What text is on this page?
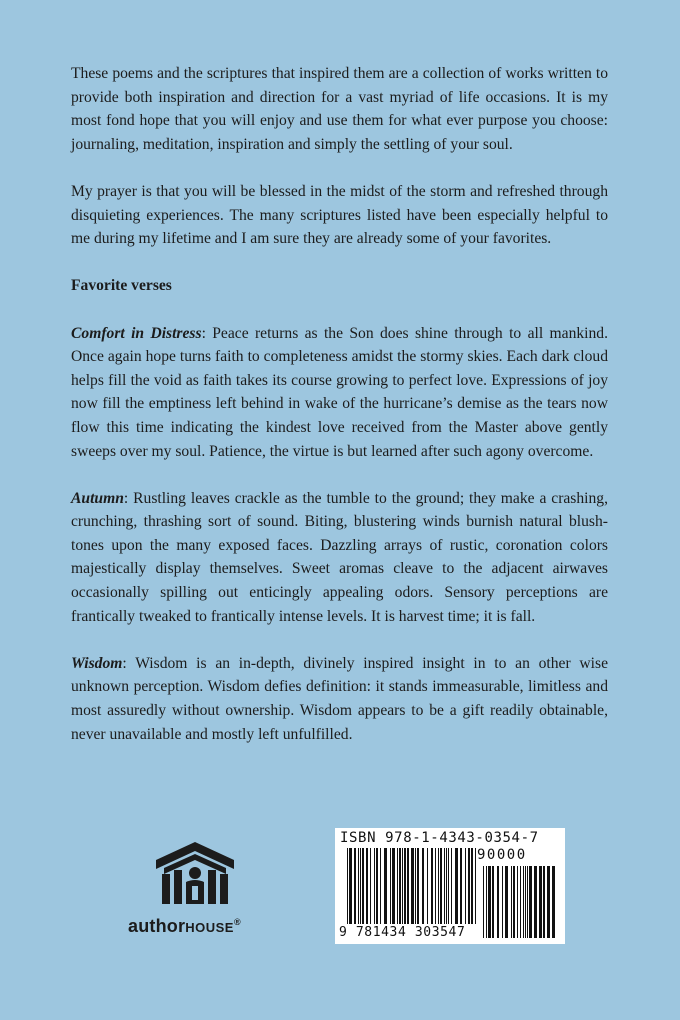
These poems and the scriptures that inspired them are a collection of works written to provide both inspiration and direction for a vast myriad of life occasions. It is my most fond hope that you will enjoy and use them for what ever purpose you choose: journaling, meditation, inspiration and simply the settling of your soul.

My prayer is that you will be blessed in the midst of the storm and refreshed through disquieting experiences. The many scriptures listed have been especially helpful to me during my lifetime and I am sure they are already some of your favorites.

Favorite verses

Comfort in Distress: Peace returns as the Son does shine through to all mankind. Once again hope turns faith to completeness amidst the stormy skies. Each dark cloud helps fill the void as faith takes its course growing to perfect love. Expressions of joy now fill the emptiness left behind in wake of the hurricane’s demise as the tears now flow this time indicating the kindest love received from the Master above gently sweeps over my soul. Patience, the virtue is but learned after such agony overcome.

Autumn: Rustling leaves crackle as the tumble to the ground; they make a crashing, crunching, thrashing sort of sound. Biting, blustering winds burnish natural blush-tones upon the many exposed faces. Dazzling arrays of rustic, coronation colors majestically display themselves. Sweet aromas cleave to the adjacent airwaves occasionally spilling out enticingly appealing odors. Sensory perceptions are frantically tweaked to frantically intense levels. It is harvest time; it is fall.

Wisdom: Wisdom is an in-depth, divinely inspired insight in to an other wise unknown perception. Wisdom defies definition: it stands immeasurable, limitless and most assuredly without ownership. Wisdom appears to be a gift readily obtainable, never unavailable and mostly left unfulfilled.

authorHOUSE®
ISBN 978-1-4343-0354-7
90000
9 781434 303547
